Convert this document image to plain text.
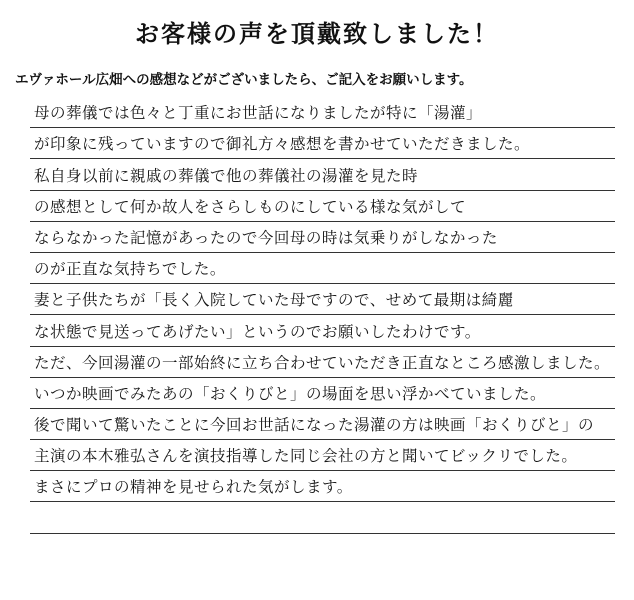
お客様の声を頂戴致しました！
エヴァホール広畑への感想などがございましたら、ご記入をお願いします。
母の葬儀では色々と丁重にお世話になりましたが特に「湯灌」
が印象に残っていますので御礼方々感想を書かせていただきました。
私自身以前に親戚の葬儀で他の葬儀社の湯灌を見た時
の感想として何か故人をさらしものにしている様な気がして
ならなかった記憶があったので今回母の時は気乗りがしなかった
のが正直な気持ちでした。
妻と子供たちが「長く入院していた母ですので、せめて最期は綺麗
な状態で見送ってあげたい」というのでお願いしたわけです。
ただ、今回湯灌の一部始終に立ち合わせていただき正直なところ感激しました。
いつか映画でみたあの「おくりびと」の場面を思い浮かべていました。
後で聞いて驚いたことに今回お世話になった湯灌の方は映画「おくりびと」の
主演の本木雅弘さんを演技指導した同じ会社の方と聞いてビックリでした。
まさにプロの精神を見せられた気がします。
